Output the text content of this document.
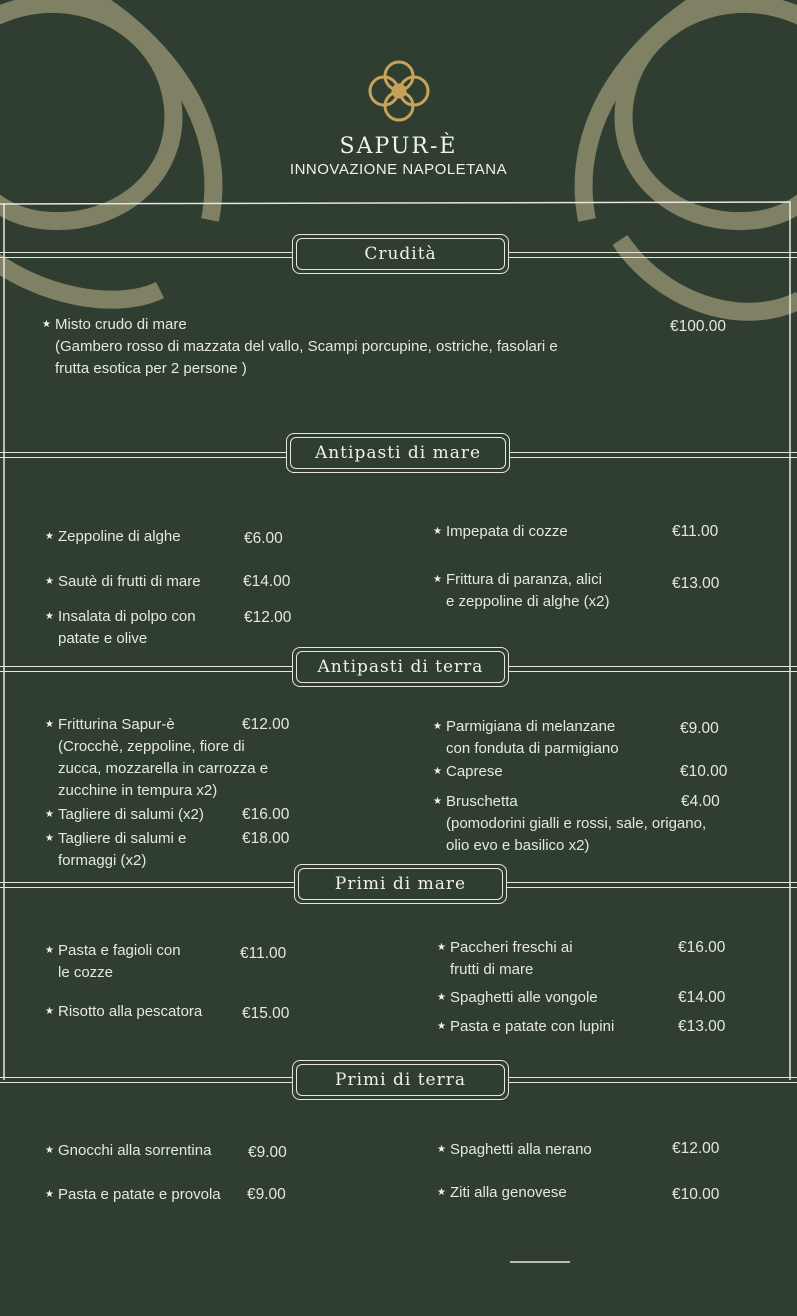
SAPUR-È
INNOVAZIONE NAPOLETANA
Crudità
★ Misto crudo di mare
(Gambero rosso di mazzata del vallo, Scampi porcupine, ostriche, fasolari e
frutta esotica per 2 persone )
€100.00
Antipasti di mare
★ Zeppoline di alghe	€6.00
★ Sautè di frutti di mare	€14.00
★ Insalata di polpo con
patate e olive
€12.00
★ Impepata di cozze	€11.00
★ Frittura di paranza, alici
e zeppoline di alghe (x2)
€13.00
Antipasti di terra
★ Fritturina Sapur-è
(Crocchè, zeppoline, fiore di
zucca, mozzarella in carrozza e
zucchine in tempura x2)
€12.00
★ Tagliere di salumi (x2) €16.00
★ Tagliere di salumi e
formaggi (x2)
€18.00
★ Parmigiana di melanzane
con fonduta di parmigiano
€9.00
★ Caprese	€10.00
★ Bruschetta
(pomodorini gialli e rossi, sale, origano,
olio evo e basilico x2)
€4.00
Primi di mare
★ Pasta e fagioli con
le cozze
€11.00
★ Risotto alla pescatora	€15.00
★ Paccheri freschi ai
frutti di mare
€16.00
★ Spaghetti alle vongole	€14.00
★ Pasta e patate con lupini	€13.00
Primi di terra
★ Gnocchi alla sorrentina €9.00
★ Pasta e patate e provola €9.00
★ Spaghetti alla nerano	€12.00
★ Ziti alla genovese	€10.00
